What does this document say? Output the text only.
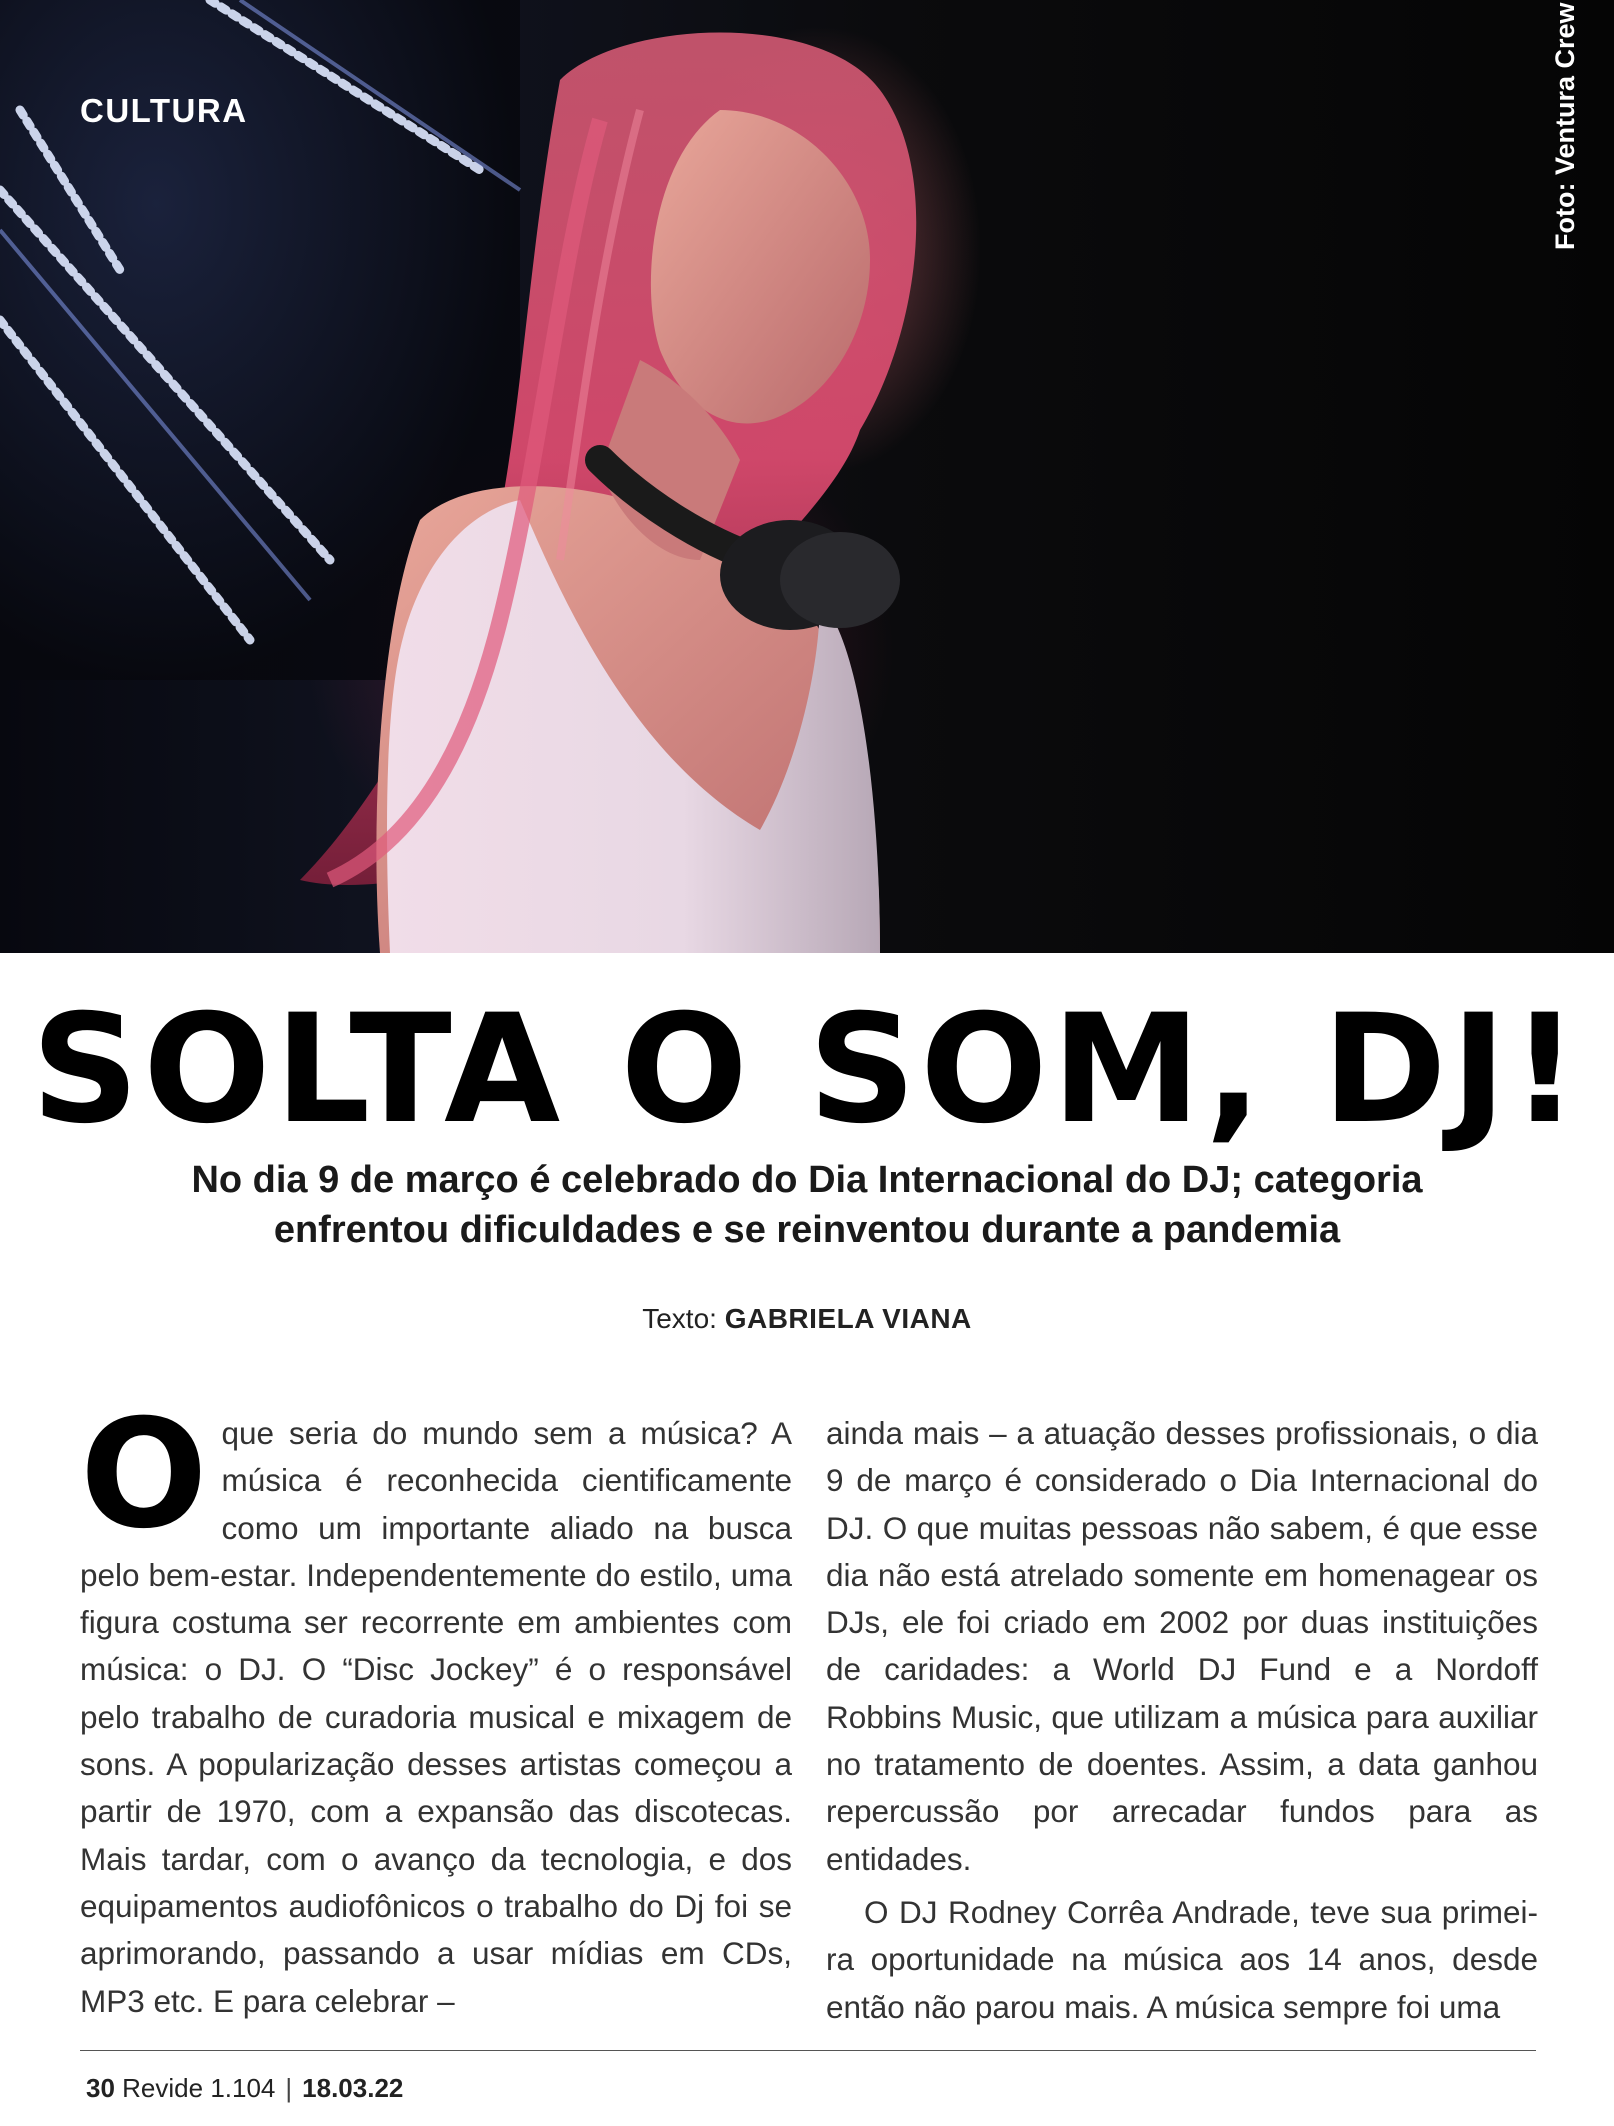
CULTURA	Foto: Ventura Crew
SOLTA O SOM, DJ!

No dia 9 de março é celebrado do Dia Internacional do DJ; categoria enfrentou dificuldades e se reinventou durante a pandemia

Texto: GABRIELA VIANA

O que seria do mundo sem a música? A música é reconhecida cientificamente como um importante aliado na busca pelo bem-estar. Independentemente do estilo, uma figura costuma ser recorrente em ambientes com música: o DJ. O “Disc Jockey” é o responsável pelo trabalho de curadoria musical e mixagem de sons. A popularização desses artistas começou a partir de 1970, com a expansão das discotecas. Mais tardar, com o avanço da tecnologia, e dos equipamentos audiofônicos o trabalho do Dj foi se aprimorando, passando a usar mídias em CDs, MP3 etc. E para celebrar –

ainda mais – a atuação desses profissionais, o dia 9 de março é considerado o Dia Internacional do DJ. O que muitas pessoas não sabem, é que esse dia não está atrelado somente em homenagear os DJs, ele foi criado em 2002 por duas instituições de caridades: a World DJ Fund e a Nordoff Robbins Music, que utilizam a música para auxiliar no tratamento de doentes. Assim, a data ganhou repercussão por arrecadar fundos para as entidades.

O DJ Rodney Corrêa Andrade, teve sua primeira oportunidade na música aos 14 anos, desde então não parou mais. A música sempre foi uma

30 Revide 1.104 | 18.03.22
